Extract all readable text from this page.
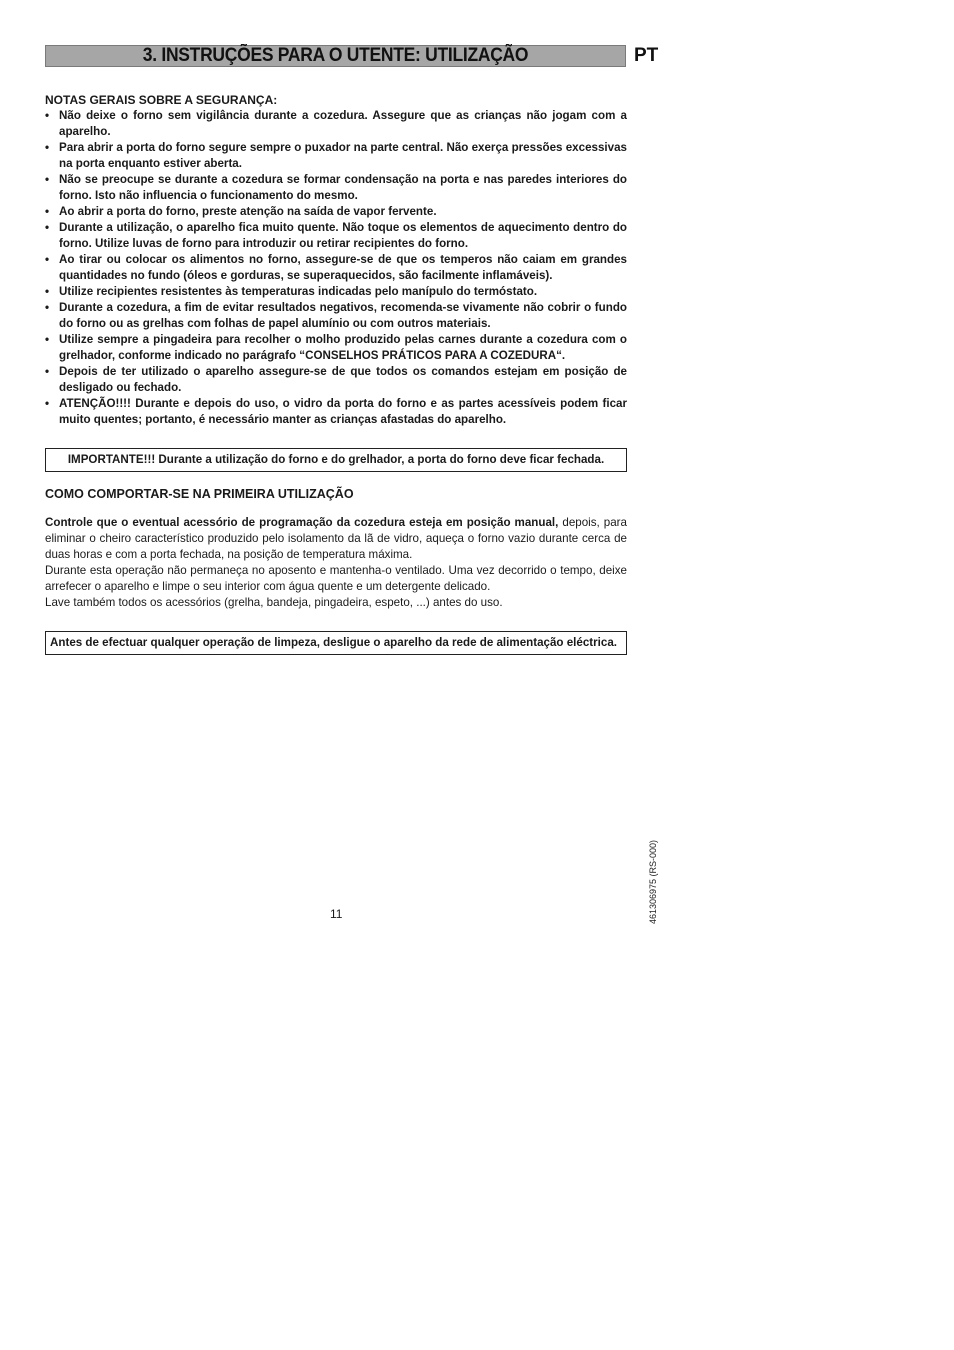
3. INSTRUÇÕES PARA O UTENTE: UTILIZAÇÃO	PT

NOTAS GERAIS SOBRE A SEGURANÇA:

• Não deixe o forno sem vigilância durante a cozedura. Assegure que as crianças não jogam com a aparelho.
• Para abrir a porta do forno segure sempre o puxador na parte central. Não exerça pressões excessivas na porta enquanto estiver aberta.
• Não se preocupe se durante a cozedura se formar condensação na porta e nas paredes interiores do forno. Isto não influencia o funcionamento do mesmo.
• Ao abrir a porta do forno, preste atenção na saída de vapor fervente.
• Durante a utilização, o aparelho fica muito quente. Não toque os elementos de aquecimento dentro do forno. Utilize luvas de forno para introduzir ou retirar recipientes do forno.
• Ao tirar ou colocar os alimentos no forno, assegure-se de que os temperos não caiam em grandes quantidades no fundo (óleos e gorduras, se superaquecidos, são facilmente inflamáveis).
• Utilize recipientes resistentes às temperaturas indicadas pelo manípulo do termóstato.
• Durante a cozedura, a fim de evitar resultados negativos, recomenda-se vivamente não cobrir o fundo do forno ou as grelhas com folhas de papel alumínio ou com outros materiais.
• Utilize sempre a pingadeira para recolher o molho produzido pelas carnes durante a cozedura com o grelhador, conforme indicado no parágrafo “CONSELHOS PRÁTICOS PARA A COZEDURA“.
• Depois de ter utilizado o aparelho assegure-se de que todos os comandos estejam em posição de desligado ou fechado.
• ATENÇÃO!!!! Durante e depois do uso, o vidro da porta do forno e as partes acessíveis podem ficar muito quentes; portanto, é necessário manter as crianças afastadas do aparelho.
IMPORTANTE!!! Durante a utilização do forno e do grelhador, a porta do forno deve ficar fechada.

COMO COMPORTAR-SE NA PRIMEIRA UTILIZAÇÃO

Controle que o eventual acessório de programação da cozedura esteja em posição manual, depois, para eliminar o cheiro característico produzido pelo isolamento da lã de vidro, aqueça o forno vazio durante cerca de duas horas e com a porta fechada, na posição de temperatura máxima.

Durante esta operação não permaneça no aposento e mantenha-o ventilado. Uma vez decorrido o tempo, deixe arrefecer o aparelho e limpe o seu interior com água quente e um detergente delicado.

Lave também todos os acessórios (grelha, bandeja, pingadeira, espeto, ...) antes do uso.

Antes de efectuar qualquer operação de limpeza, desligue o aparelho da rede de alimentação eléctrica.
11	461306975 (RS-000)
